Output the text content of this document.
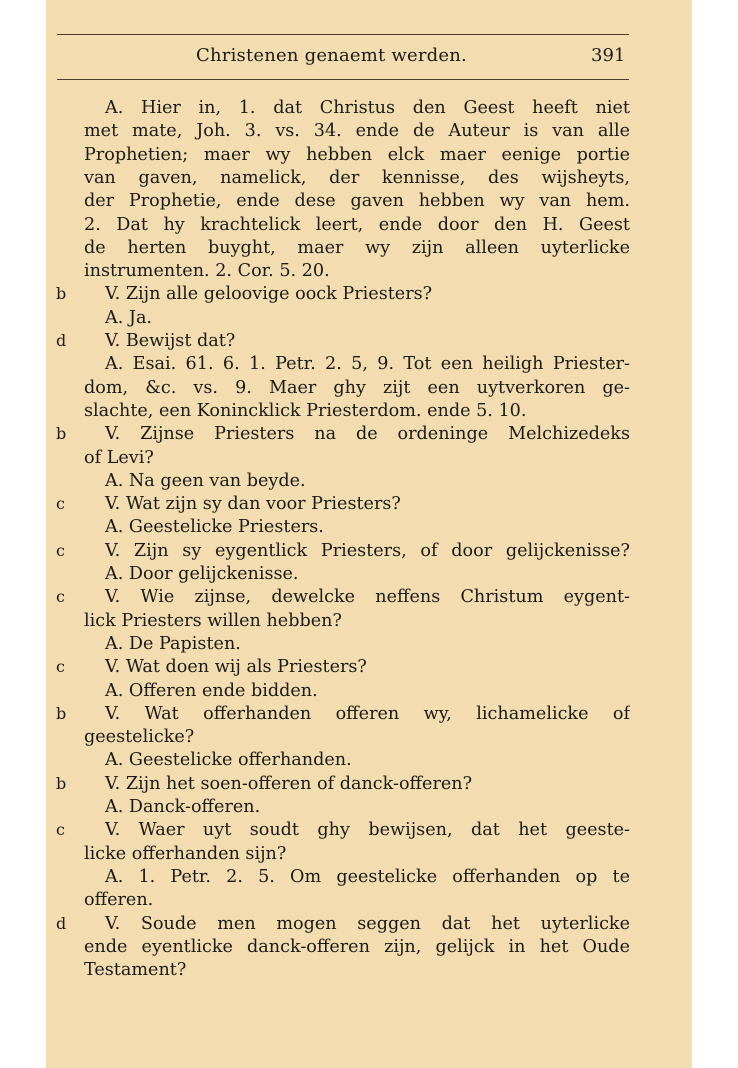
Christenen genaemt werden.	391
A. Hier in, 1. dat Christus den Geest heeft niet
met mate, Joh. 3. vs. 34. ende de Auteur is van alle
Prophetien; maer wy hebben elck maer eenige portie
van gaven, namelick, der kennisse, des wijsheyts,
der Prophetie, ende dese gaven hebben wy van hem.
2. Dat hy krachtelick leert, ende door den H. Geest
de herten buyght, maer wy zijn alleen uyterlicke
instrumenten. 2. Cor. 5. 20.
V. Zijn alle geloovige oock Priesters?
b
A. Ja.
V. Bewijst dat?
d
A. Esai. 61. 6. 1. Petr. 2. 5, 9. Tot een heiligh Priester-
dom, &c. vs. 9. Maer ghy zijt een uytverkoren ge-
slachte, een Konincklick Priesterdom. ende 5. 10.
V. Zijnse Priesters na de ordeninge Melchizedeks
b
of Levi?
A. Na geen van beyde.
V. Wat zijn sy dan voor Priesters?
c
A. Geestelicke Priesters.
V. Zijn sy eygentlick Priesters, of door gelijckenisse?
c
A. Door gelijckenisse.
V. Wie zijnse, dewelcke neffens Christum eygent-
c
lick Priesters willen hebben?
A. De Papisten.
V. Wat doen wij als Priesters?
c
A. Offeren ende bidden.
V. Wat offerhanden offeren wy, lichamelicke of
b
geestelicke?
A. Geestelicke offerhanden.
V. Zijn het soen-offeren of danck-offeren?
b
A. Danck-offeren.
V. Waer uyt soudt ghy bewijsen, dat het geeste-
c
licke offerhanden sijn?
A. 1. Petr. 2. 5. Om geestelicke offerhanden op te
offeren.
V. Soude men mogen seggen dat het uyterlicke
d
ende eyentlicke danck-offeren zijn, gelijck in het Oude
Testament?
